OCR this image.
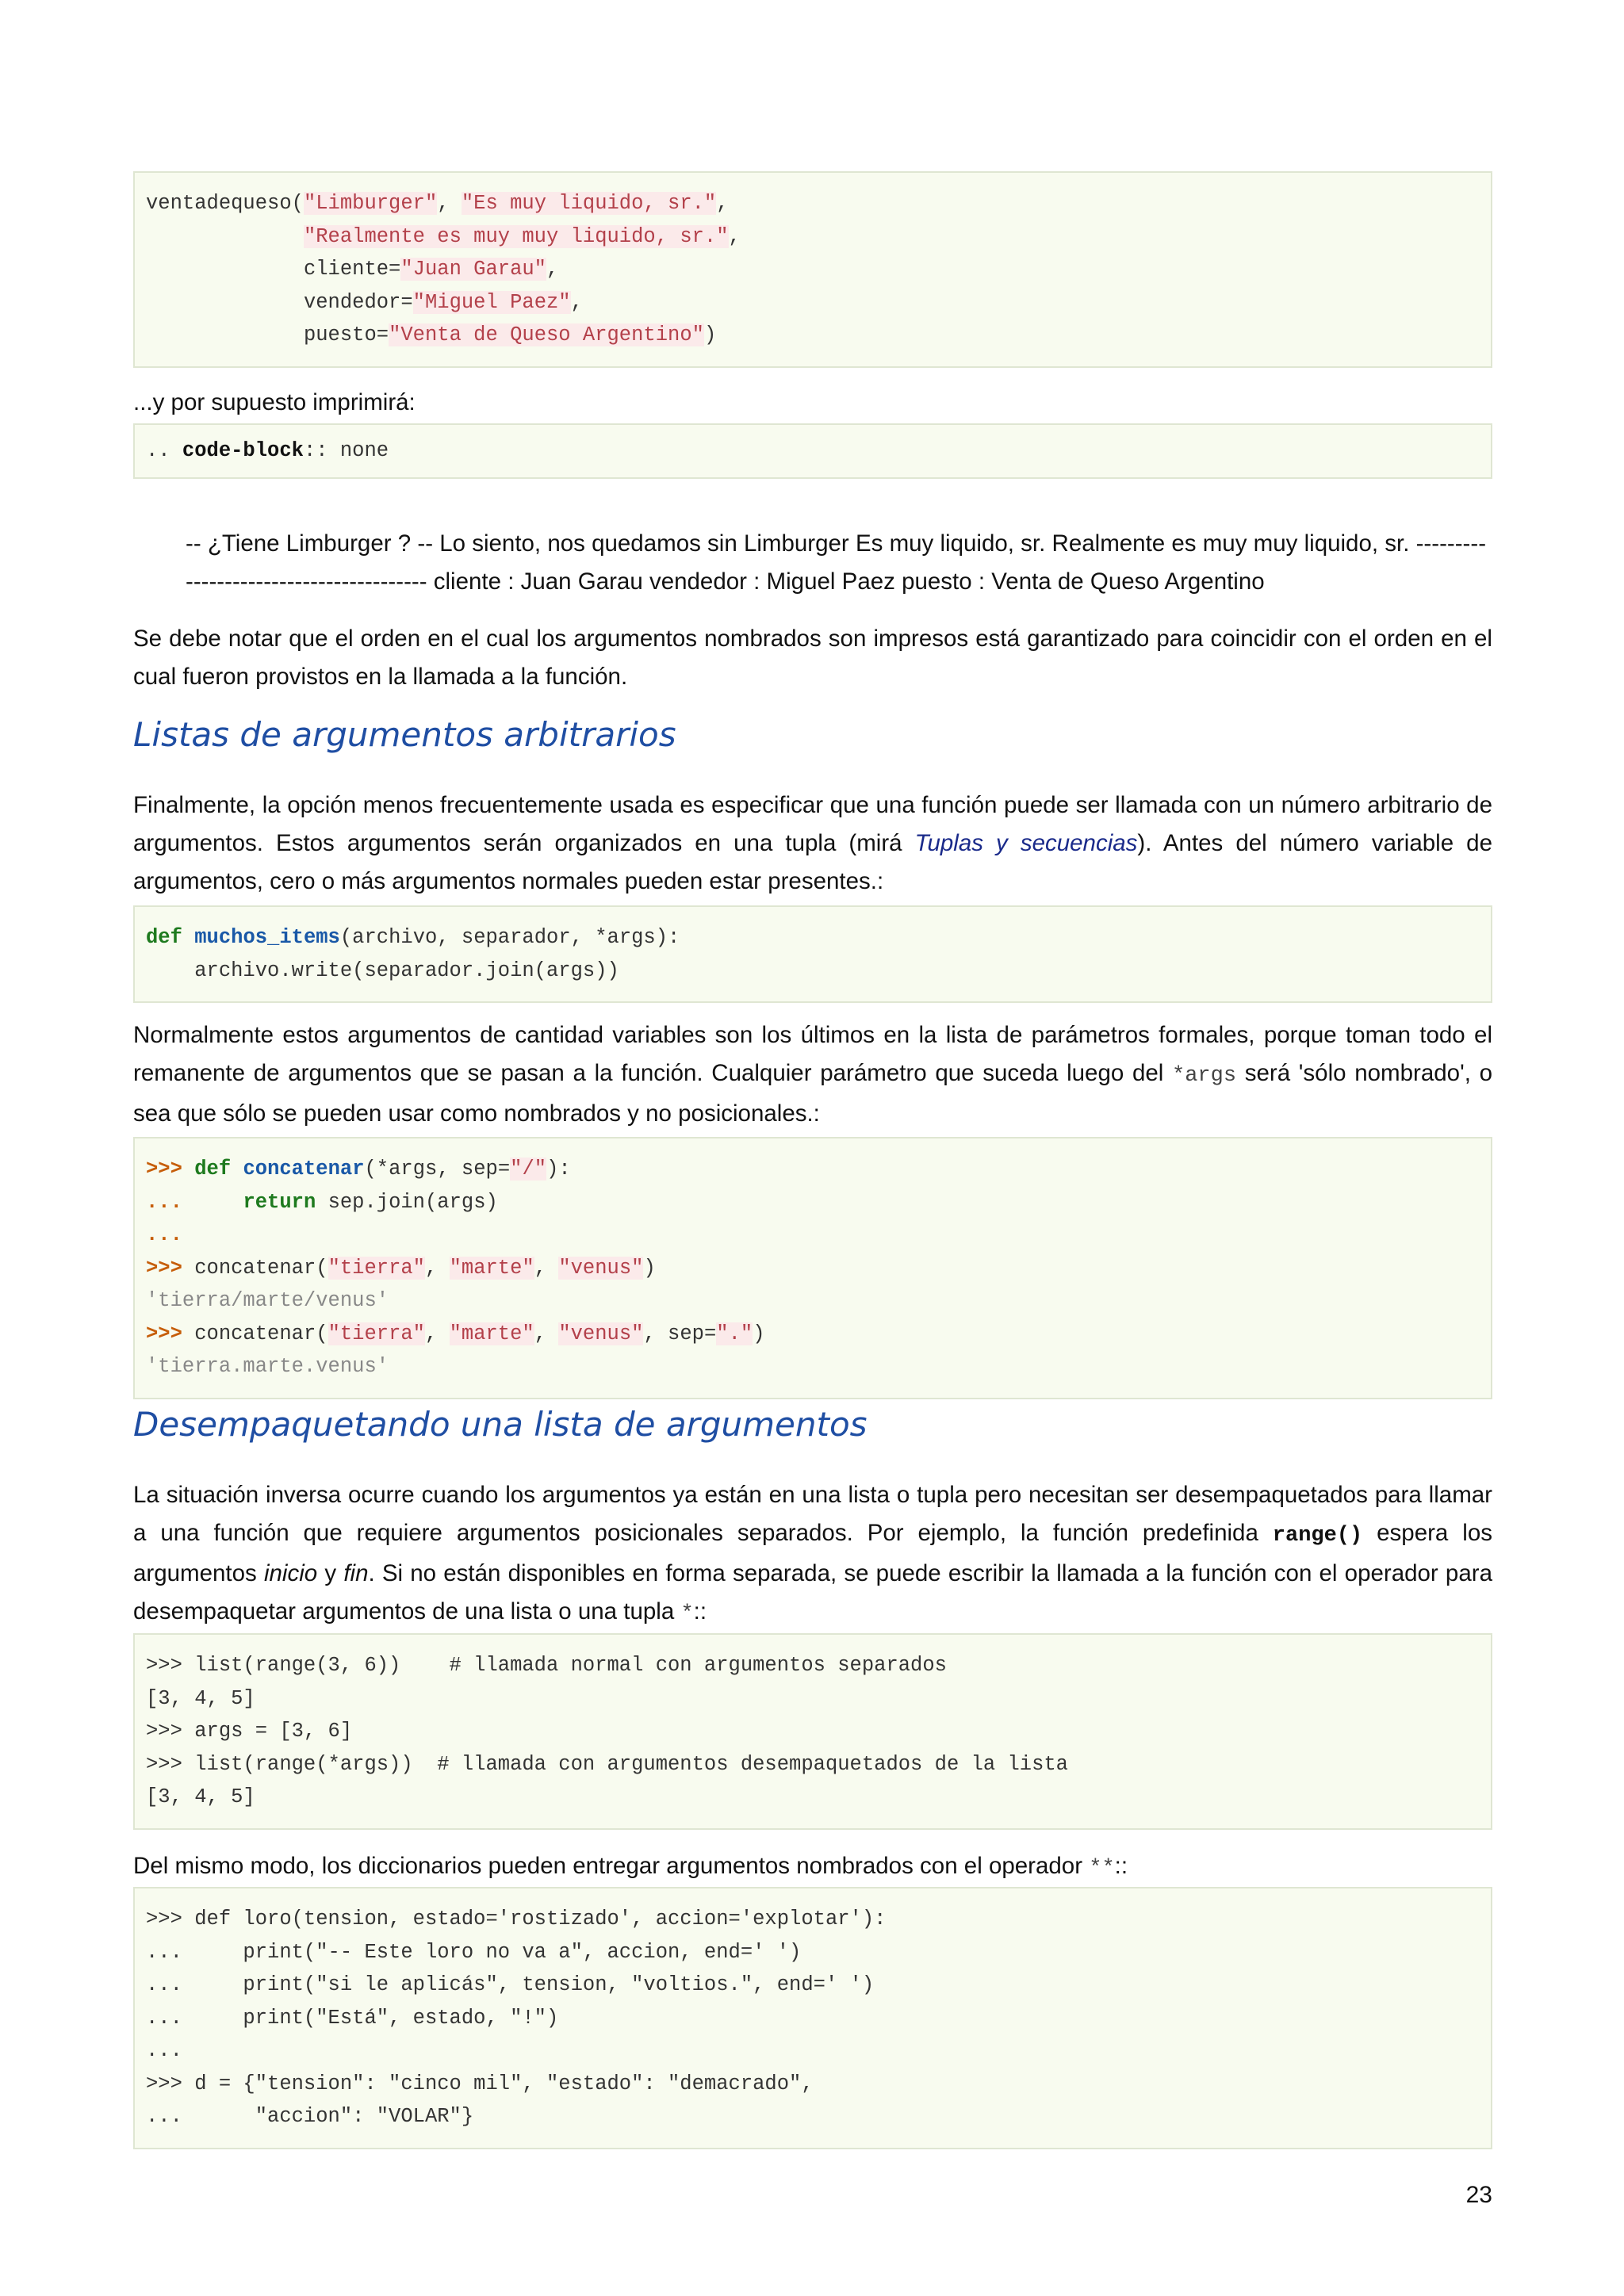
ventadequeso("Limburger", "Es muy liquido, sr.",
"Realmente es muy muy liquido, sr.",
cliente="Juan Garau",
vendedor="Miguel Paez",
puesto="Venta de Queso Argentino")

...y por supuesto imprimirá:

.. code-block:: none

-- ¿Tiene Limburger ? -- Lo siento, nos quedamos sin Limburger Es muy liquido, sr. Realmente es muy muy liquido, sr. ---------------------------------------- cliente : Juan Garau vendedor : Miguel Paez puesto : Venta de Queso Argentino

Se debe notar que el orden en el cual los argumentos nombrados son impresos está garantizado para coincidir con el orden en el cual fueron provistos en la llamada a la función.

Listas de argumentos arbitrarios

Finalmente, la opción menos frecuentemente usada es especificar que una función puede ser llamada con un número arbitrario de argumentos. Estos argumentos serán organizados en una tupla (mirá Tuplas y secuencias). Antes del número variable de argumentos, cero o más argumentos normales pueden estar presentes.:

def muchos_items(archivo, separador, *args):
archivo.write(separador.join(args))

Normalmente estos argumentos de cantidad variables son los últimos en la lista de parámetros formales, porque toman todo el remanente de argumentos que se pasan a la función. Cualquier parámetro que suceda luego del *args será 'sólo nombrado', o sea que sólo se pueden usar como nombrados y no posicionales.:

>>> def concatenar(*args, sep="/"):
...	return sep.join(args)
...
>>> concatenar("tierra", "marte", "venus")
'tierra/marte/venus'
>>> concatenar("tierra", "marte", "venus", sep=".")
'tierra.marte.venus'
Desempaquetando una lista de argumentos

La situación inversa ocurre cuando los argumentos ya están en una lista o tupla pero necesitan ser desempaquetados para llamar a una función que requiere argumentos posicionales separados. Por ejemplo, la función predefinida range() espera los argumentos inicio y fin. Si no están disponibles en forma separada, se puede escribir la llamada a la función con el operador para desempaquetar argumentos de una lista o una tupla *::

>>> list(range(3, 6))    # llamada normal con argumentos separados
[3, 4, 5]
>>> args = [3, 6]
>>> list(range(*args))  # llamada con argumentos desempaquetados de la lista
[3, 4, 5]

Del mismo modo, los diccionarios pueden entregar argumentos nombrados con el operador **::

>>> def loro(tension, estado='rostizado', accion='explotar'):
...     print("-- Este loro no va a", accion, end=' ')
...     print("si le aplicás", tension, "voltios.", end=' ')
...     print("Está", estado, "!")
...
>>> d = {"tension": "cinco mil", "estado": "demacrado",
...      "accion": "VOLAR"}
23
